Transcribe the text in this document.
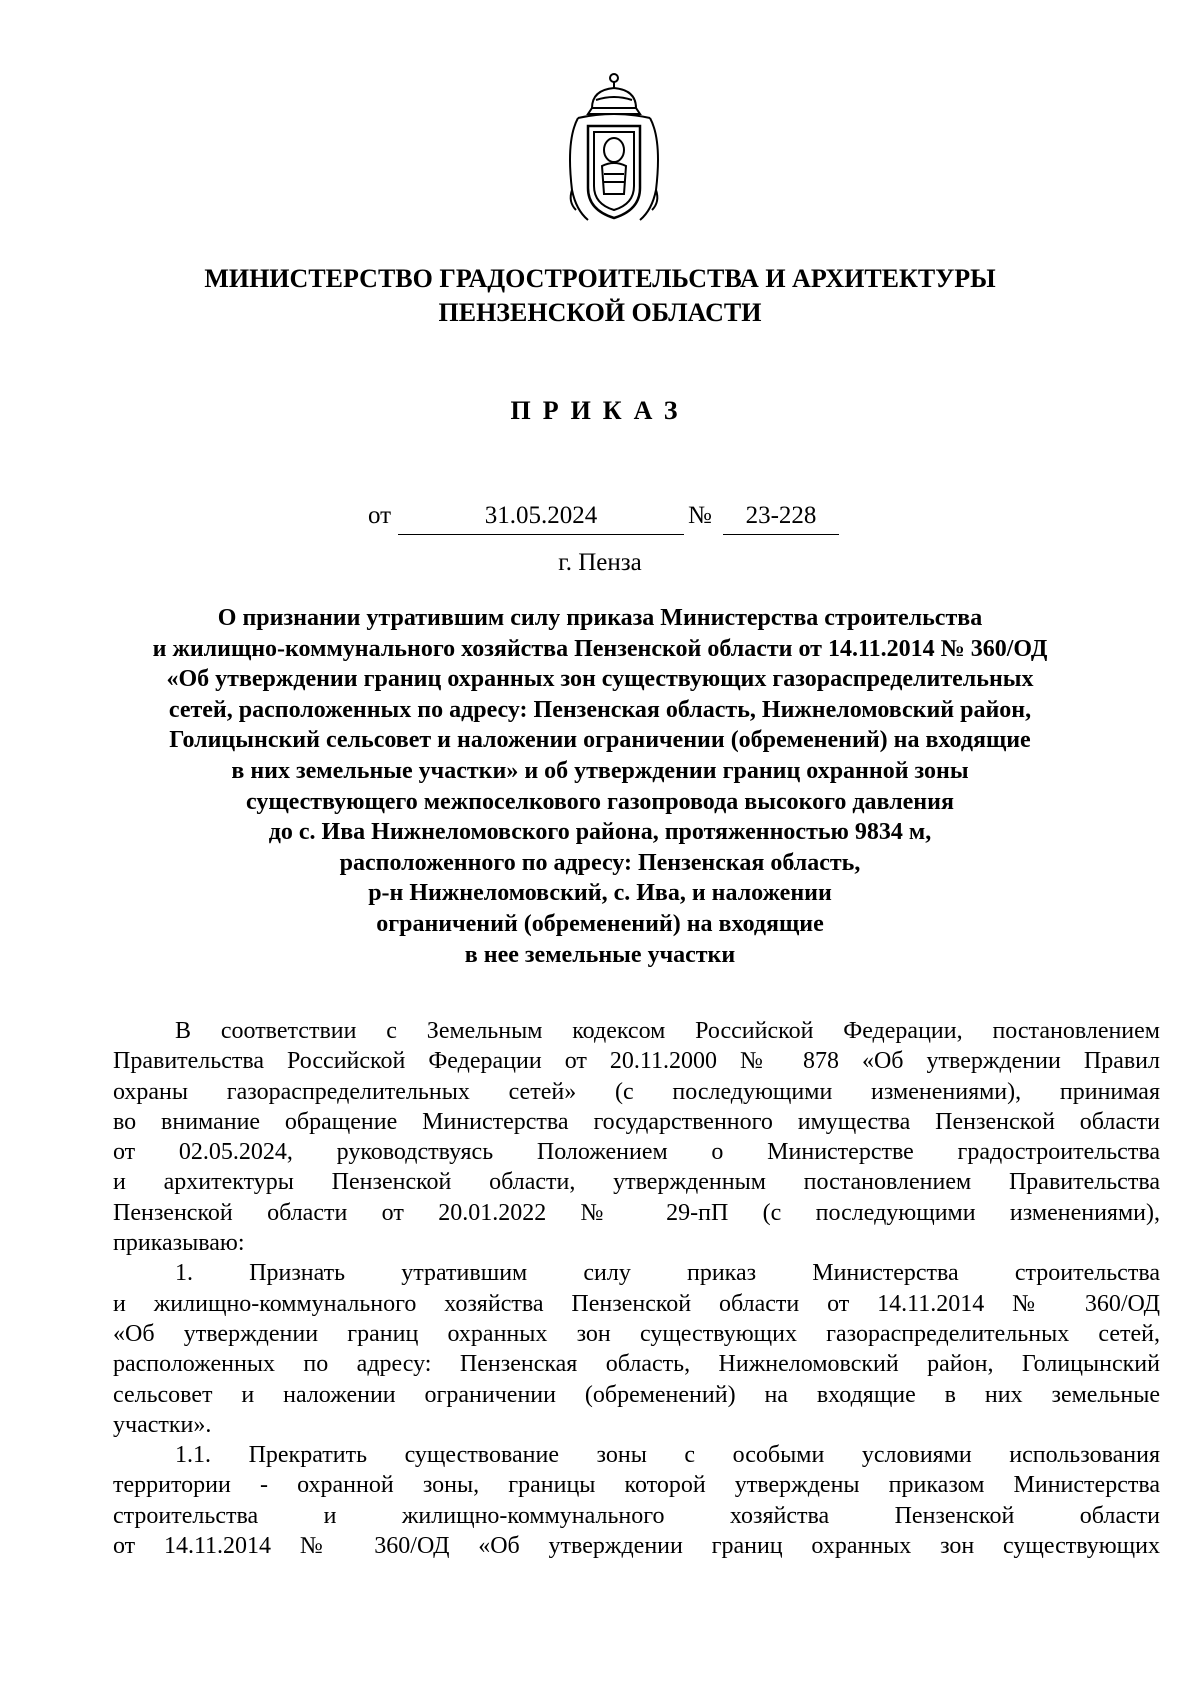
МИНИСТЕРСТВО ГРАДОСТРОИТЕЛЬСТВА И АРХИТЕКТУРЫ
ПЕНЗЕНСКОЙ ОБЛАСТИ
ПРИКАЗ
от	31.05.2024	№	23-228
г. Пенза
О признании утратившим силу приказа Министерства строительства
и жилищно-коммунального хозяйства Пензенской области от 14.11.2014 № 360/ОД
«Об утверждении границ охранных зон существующих газораспределительных
сетей, расположенных по адресу: Пензенская область, Нижнеломовский район,
Голицынский сельсовет и наложении ограничении (обременений) на входящие
в них земельные участки» и об утверждении границ охранной зоны
существующего межпоселкового газопровода высокого давления
до с. Ива Нижнеломовского района, протяженностью 9834 м,
расположенного по адресу: Пензенская область,
р-н Нижнеломовский, с. Ива, и наложении
ограничений (обременений) на входящие
в нее земельные участки
В соответствии с Земельным кодексом Российской Федерации, постановлением
Правительства Российской Федерации от 20.11.2000 № 878 «Об утверждении Правил
охраны газораспределительных сетей» (с последующими изменениями), принимая
во внимание обращение Министерства государственного имущества Пензенской области
от 02.05.2024, руководствуясь Положением о Министерстве градостроительства
и архитектуры Пензенской области, утвержденным постановлением Правительства
Пензенской области от 20.01.2022 № 29-пП (с последующими изменениями),
приказываю:
1. Признать утратившим силу приказ Министерства строительства
и жилищно-коммунального хозяйства Пензенской области от 14.11.2014 № 360/ОД
«Об утверждении границ охранных зон существующих газораспределительных сетей,
расположенных по адресу: Пензенская область, Нижнеломовский район, Голицынский
сельсовет и наложении ограничении (обременений) на входящие в них земельные
участки».
1.1. Прекратить существование зоны с особыми условиями использования
территории - охранной зоны, границы которой утверждены приказом Министерства
строительства и жилищно-коммунального хозяйства Пензенской области
от 14.11.2014 № 360/ОД «Об утверждении границ охранных зон существующих
